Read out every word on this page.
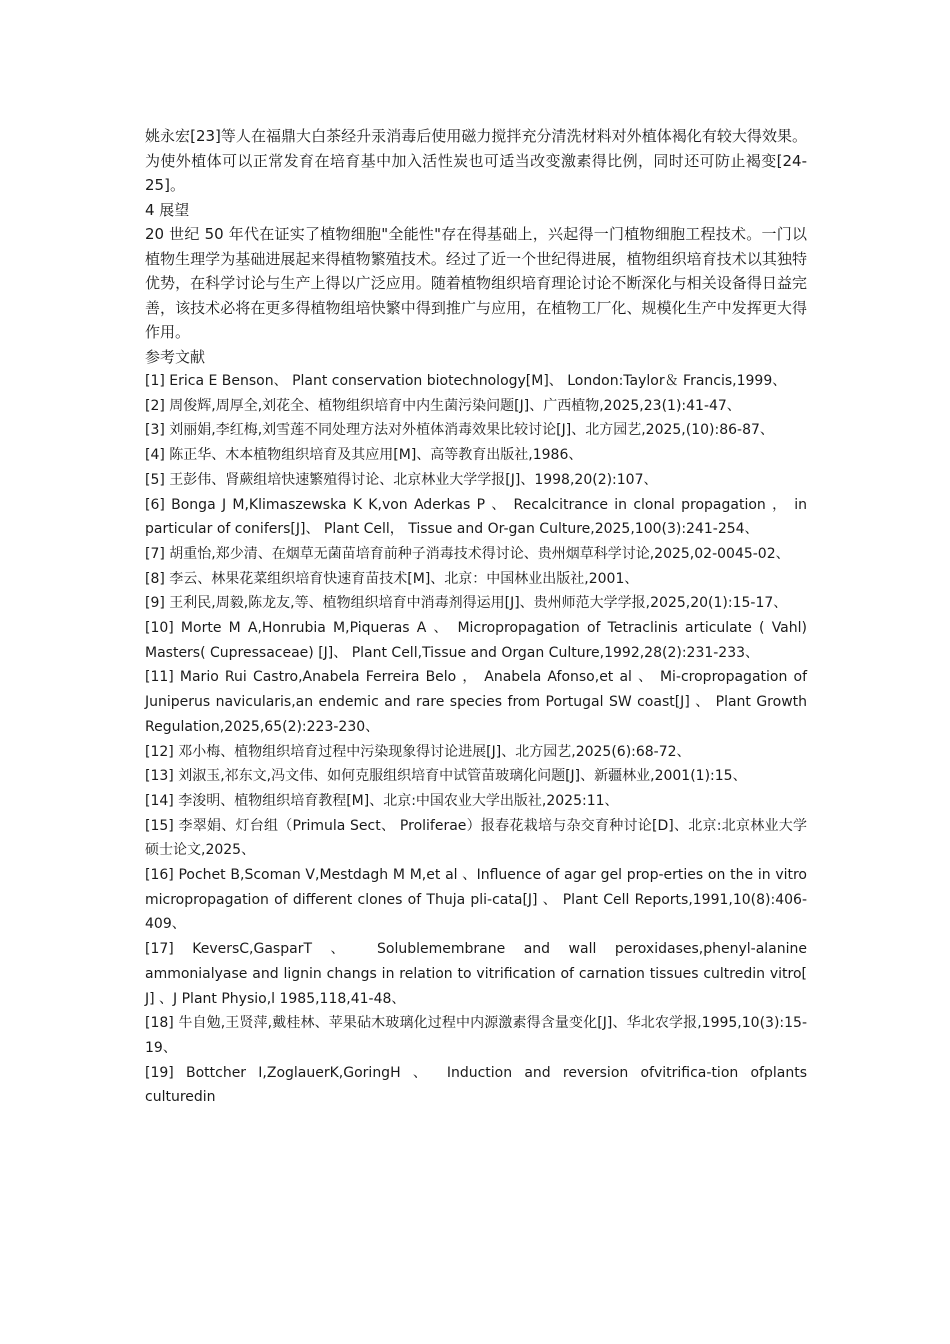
姚永宏[23]等人在福鼎大白茶经升汞消毒后使用磁力搅拌充分清洗材料对外植体褐化有较大得效果。为使外植体可以正常发育在培育基中加入活性炭也可适当改变激素得比例，同时还可防止褐变[24-25]。

4 展望

20 世纪 50 年代在证实了植物细胞"全能性"存在得基础上，兴起得一门植物细胞工程技术。一门以植物生理学为基础进展起来得植物繁殖技术。经过了近一个世纪得进展，植物组织培育技术以其独特优势，在科学讨论与生产上得以广泛应用。随着植物组织培育理论讨论不断深化与相关设备得日益完善，该技术必将在更多得植物组培快繁中得到推广与应用，在植物工厂化、规模化生产中发挥更大得作用。

参考文献

[1] Erica E Benson、 Plant conservation biotechnology[M]、 London:Taylor＆ Francis,1999、
[2] 周俊辉,周厚全,刘花全、植物组织培育中内生菌污染问题[J]、广西植物,2025,23(1):41-47、
[3] 刘丽娟,李红梅,刘雪莲不同处理方法对外植体消毒效果比较讨论[J]、北方园艺,2025,(10):86-87、
[4] 陈正华、木本植物组织培育及其应用[M]、高等教育出版社,1986、
[5] 王彭伟、肾蕨组培快速繁殖得讨论、北京林业大学学报[J]、1998,20(2):107、
[6] Bonga J M,Klimaszewska K K,von Aderkas P 、 Recalcitrance in clonal propagation ， in particular of conifers[J]、 Plant Cell， Tissue and Or-gan Culture,2025,100(3):241-254、
[7] 胡重怡,郑少清、在烟草无菌苗培育前种子消毒技术得讨论、贵州烟草科学讨论,2025,02-0045-02、
[8] 李云、林果花菜组织培育快速育苗技术[M]、北京：中国林业出版社,2001、
[9] 王利民,周毅,陈龙友,等、植物组织培育中消毒剂得运用[J]、贵州师范大学学报,2025,20(1):15-17、
[10] Morte M A,Honrubia M,Piqueras A 、 Micropropagation of Tetraclinis articulate ( Vahl) Masters( Cupressaceae) [J]、 Plant Cell,Tissue and Organ Culture,1992,28(2):231-233、
[11] Mario Rui Castro,Anabela Ferreira Belo ， Anabela Afonso,et al 、 Mi-cropropagation of Juniperus navicularis,an endemic and rare species from Portugal SW coast[J] 、 Plant Growth Regulation,2025,65(2):223-230、
[12] 邓小梅、植物组织培育过程中污染现象得讨论进展[J]、北方园艺,2025(6):68-72、
[13] 刘淑玉,祁东文,冯文伟、如何克服组织培育中试管苗玻璃化问题[J]、新疆林业,2001(1):15、
[14] 李浚明、植物组织培育教程[M]、北京:中国农业大学出版社,2025:11、
[15] 李翠娟、灯台组（Primula Sect、 Proliferae）报春花栽培与杂交育种讨论[D]、北京:北京林业大学硕士论文,2025、
[16] Pochet B,Scoman V,Mestdagh M M,et al 、Influence of agar gel prop-erties on the in vitro micropropagation of different clones of Thuja pli-cata[J] 、 Plant Cell Reports,1991,10(8):406-409、
[17] KeversC,GasparT 、 Solublemembrane and wall peroxidases,phenyl-alanine ammonialyase and lignin changs in relation to vitrification of carnation tissues cultredin vitro[ J] 、J Plant Physio,l 1985,118,41-48、
[18] 牛自勉,王贤萍,戴桂林、苹果砧木玻璃化过程中内源激素得含量变化[J]、华北农学报,1995,10(3):15-19、
[19] Bottcher I,ZoglauerK,GoringH 、 Induction and reversion ofvitrifica-tion ofplants culturedin
